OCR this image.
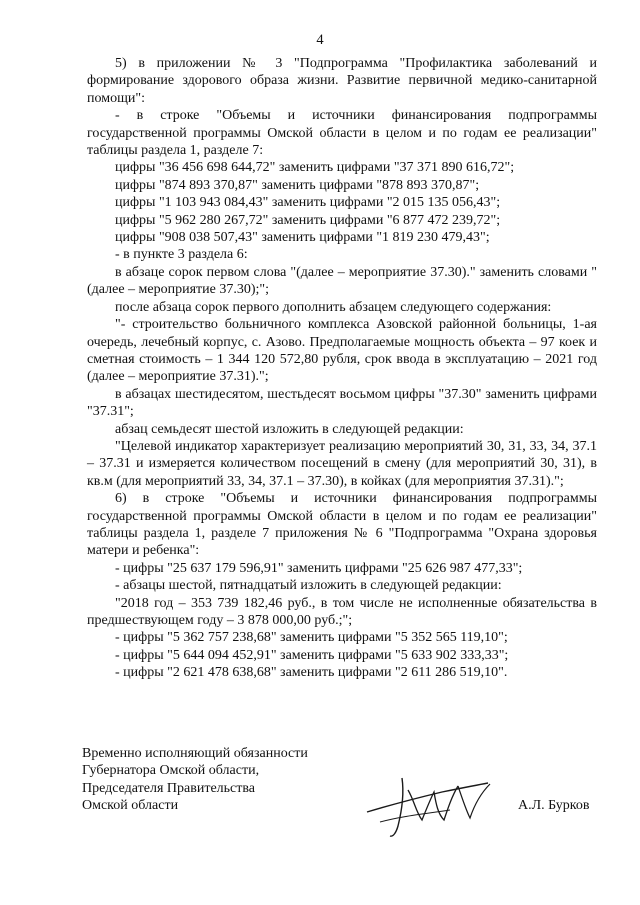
4

5) в приложении № 3 "Подпрограмма "Профилактика заболеваний и формирование здорового образа жизни. Развитие первичной медико-санитарной помощи":

- в строке "Объемы и источники финансирования подпрограммы государственной программы Омской области в целом и по годам ее реализации" таблицы раздела 1, разделе 7:

цифры "36 456 698 644,72" заменить цифрами "37 371 890 616,72";

цифры "874 893 370,87" заменить цифрами "878 893 370,87";

цифры "1 103 943 084,43" заменить цифрами "2 015 135 056,43";

цифры "5 962 280 267,72" заменить цифрами "6 877 472 239,72";

цифры "908 038 507,43" заменить цифрами "1 819 230 479,43";

- в пункте 3 раздела 6:

в абзаце сорок первом слова "(далее – мероприятие 37.30)." заменить словами "(далее – мероприятие 37.30);";

после абзаца сорок первого дополнить абзацем следующего содержания:

"- строительство больничного комплекса Азовской районной больницы, 1-ая очередь, лечебный корпус, с. Азово. Предполагаемые мощность объекта – 97 коек и сметная стоимость – 1 344 120 572,80 рубля, срок ввода в эксплуатацию – 2021 год (далее – мероприятие 37.31).";

в абзацах шестидесятом, шестьдесят восьмом цифры "37.30" заменить цифрами "37.31";

абзац семьдесят шестой изложить в следующей редакции:

"Целевой индикатор характеризует реализацию мероприятий 30, 31, 33, 34, 37.1 – 37.31 и измеряется количеством посещений в смену (для мероприятий 30, 31), в кв.м (для мероприятий 33, 34, 37.1 – 37.30), в койках (для мероприятия 37.31).";

6) в строке "Объемы и источники финансирования подпрограммы государственной программы Омской области в целом и по годам ее реализации" таблицы раздела 1, разделе 7 приложения № 6 "Подпрограмма "Охрана здоровья матери и ребенка":

- цифры "25 637 179 596,91" заменить цифрами "25 626 987 477,33";

- абзацы шестой, пятнадцатый изложить в следующей редакции:

"2018 год – 353 739 182,46 руб., в том числе не исполненные обязательства в предшествующем году – 3 878 000,00 руб.;";

- цифры "5 362 757 238,68" заменить цифрами "5 352 565 119,10";

- цифры "5 644 094 452,91" заменить цифрами "5 633 902 333,33";

- цифры "2 621 478 638,68" заменить цифрами "2 611 286 519,10".

Временно исполняющий обязанности
Губернатора Омской области,
Председателя Правительства
Омской области	А.Л. Бурков
